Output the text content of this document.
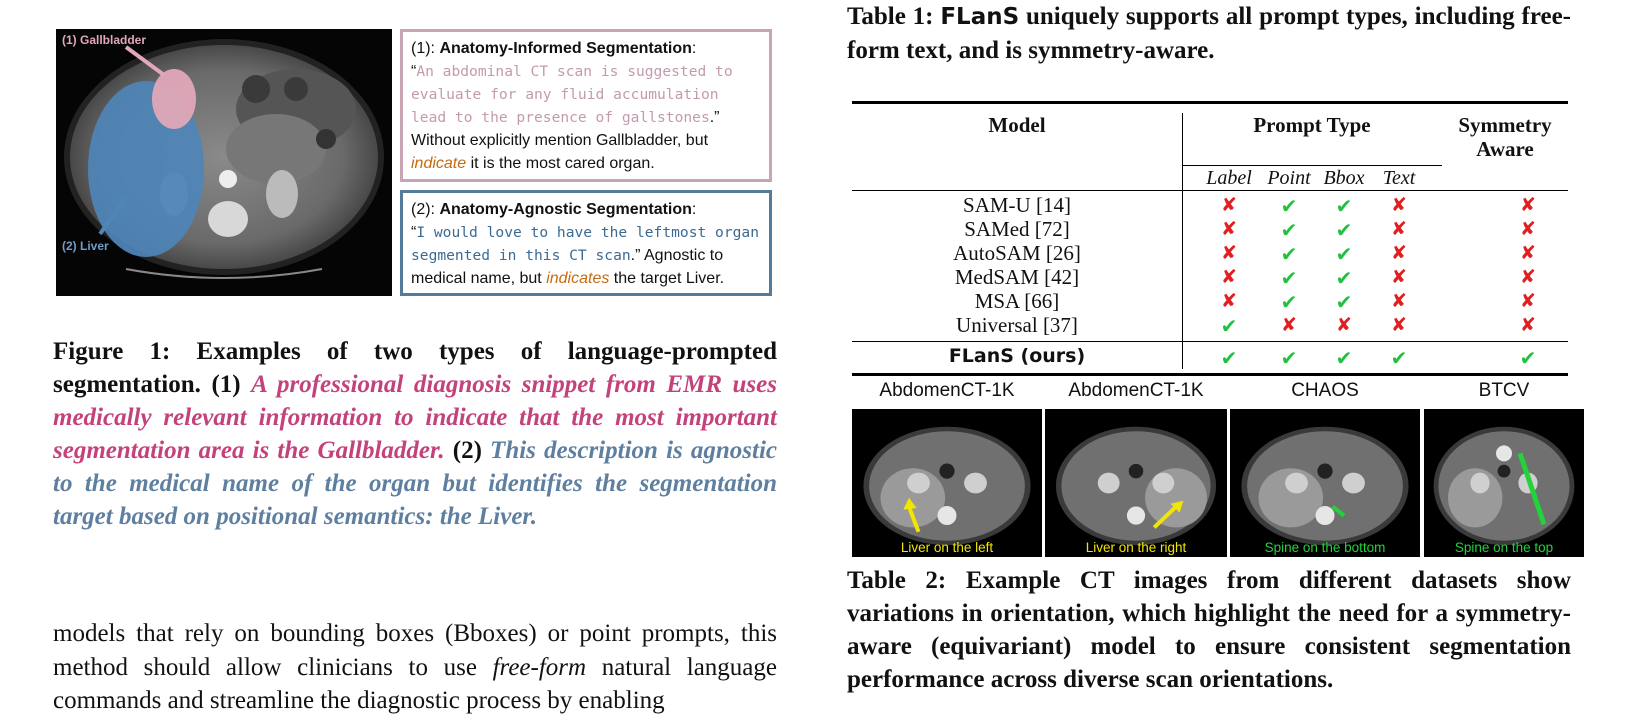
(1) Gallbladder
(2) Liver
(1): Anatomy-Informed Segmentation:
“An abdominal CT scan is suggested to evaluate for any fluid accumulation lead to the presence of gallstones.” Without explicitly mention Gallbladder, but indicate it is the most cared organ.
(2): Anatomy-Agnostic Segmentation:
“I would love to have the leftmost organ segmented in this CT scan.” Agnostic to medical name, but indicates the target Liver.
Figure 1: Examples of two types of language-prompted segmentation. (1) A professional diagnosis snippet from EMR uses medically relevant information to indicate that the most important segmentation area is the Gallbladder. (2) This description is agnostic to the medical name of the organ but identifies the segmentation target based on positional semantics: the Liver.
models that rely on bounding boxes (Bboxes) or point prompts, this method should allow clinicians to use free-form natural language commands and streamline the diagnostic process by enabling
Table 1: FLanS uniquely supports all prompt types, including free-form text, and is symmetry-aware.
Model	Prompt Type	Symmetry
Aware
Label Point Bbox Text
SAM-U [14]	✘	✔	✔	✘	✘
SAMed [72]	✘	✔	✔	✘	✘
AutoSAM [26]	✘	✔	✔	✘	✘
MedSAM [42]	✘	✔	✔	✘	✘
MSA [66]	✘	✔	✔	✘	✘
Universal [37]	✔	✘	✘	✘	✘
FLanS (ours)	✔	✔	✔	✔	✔
AbdomenCT-1K
Liver on the left
AbdomenCT-1K
Liver on the right
CHAOS
Spine on the bottom
BTCV
Spine on the top
Table 2: Example CT images from different datasets show variations in orientation, which highlight the need for a symmetry-aware (equivariant) model to ensure consistent segmentation performance across diverse scan orientations.
